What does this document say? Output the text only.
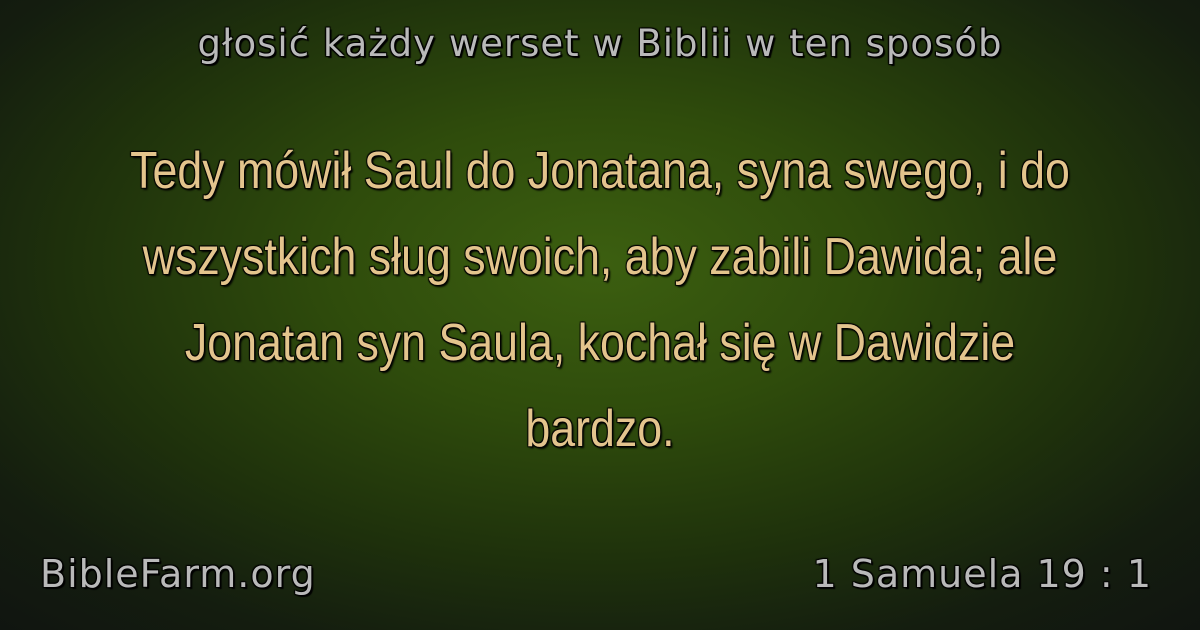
głosić każdy werset w Biblii w ten sposób
Tedy mówił Saul do Jonatana, syna swego, i do wszystkich sług swoich, aby zabili Dawida; ale Jonatan syn Saula, kochał się w Dawidzie bardzo.
BibleFarm.org	1 Samuela 19 : 1
